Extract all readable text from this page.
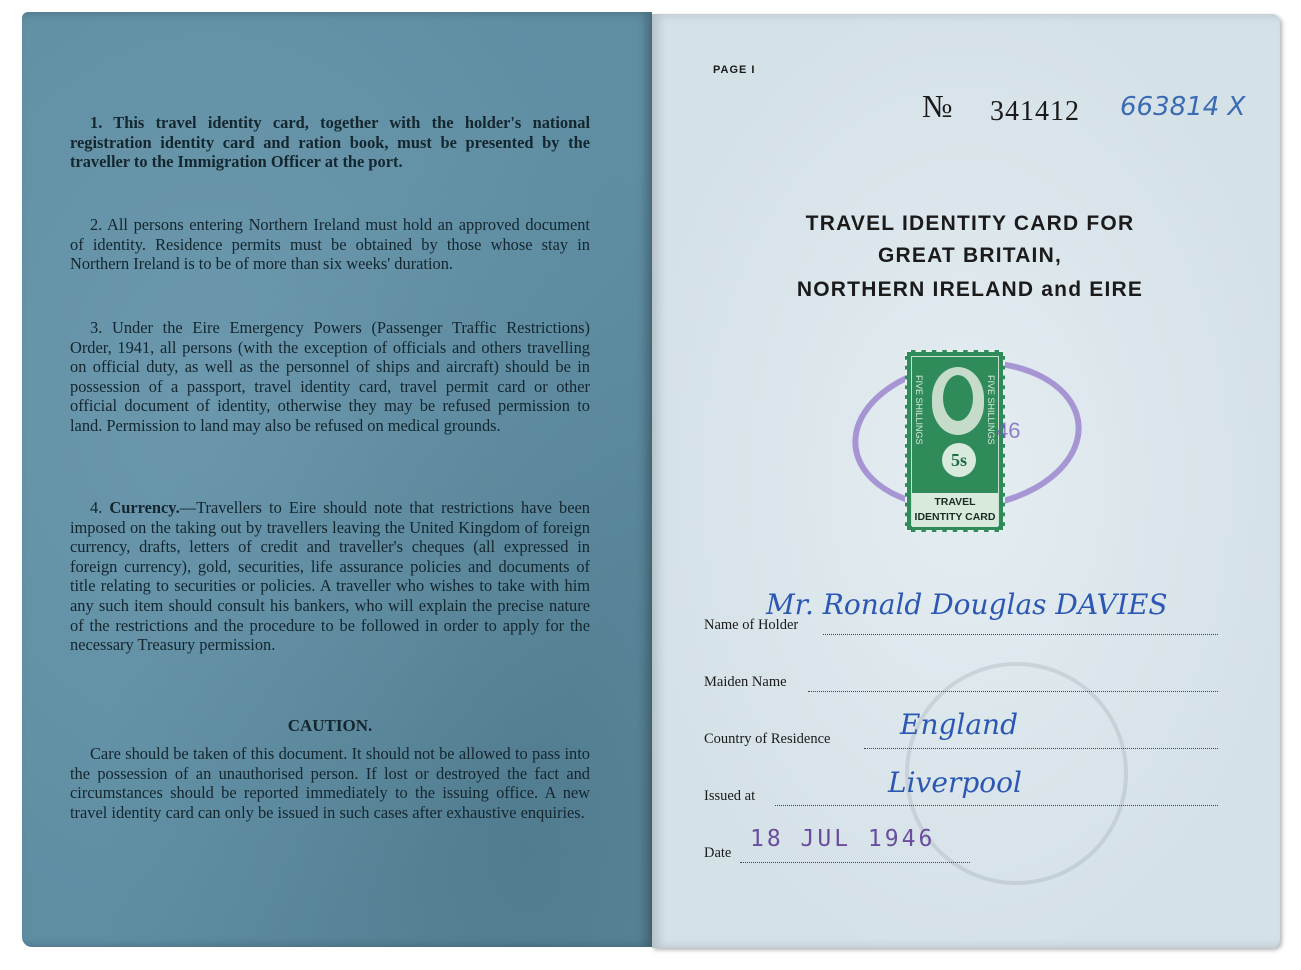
1. This travel identity card, together with the holder's national registration identity card and ration book, must be presented by the traveller to the Immigration Officer at the port.

2. All persons entering Northern Ireland must hold an approved document of identity. Residence permits must be obtained by those whose stay in Northern Ireland is to be of more than six weeks' duration.

3. Under the Eire Emergency Powers (Passenger Traffic Restrictions) Order, 1941, all persons (with the exception of officials and others travelling on official duty, as well as the personnel of ships and aircraft) should be in possession of a passport, travel identity card, travel permit card or other official document of identity, otherwise they may be refused permission to land. Permission to land may also be refused on medical grounds.

4. Currency.—Travellers to Eire should note that restrictions have been imposed on the taking out by travellers leaving the United Kingdom of foreign currency, drafts, letters of credit and traveller's cheques (all expressed in foreign currency), gold, securities, life assurance policies and documents of title relating to securities or policies. A traveller who wishes to take with him any such item should consult his bankers, who will explain the precise nature of the restrictions and the procedure to be followed in order to apply for the necessary Treasury permission.

CAUTION.

Care should be taken of this document. It should not be allowed to pass into the possession of an unauthorised person. If lost or destroyed the fact and circumstances should be reported immediately to the issuing office. A new travel identity card can only be issued in such cases after exhaustive enquiries.

PAGE I
№ 341412 663814 X
TRAVEL IDENTITY CARD FOR
GREAT BRITAIN,
NORTHERN IRELAND and EIRE
FIVE SHILLINGS	FIVE SHILLINGS
5s
TRAVEL IDENTITY CARD
46
Name of Holder
Mr. Ronald Douglas DAVIES
Maiden Name
Country of Residence England
Issued at	Liverpool
Date
18 JUL 1946
